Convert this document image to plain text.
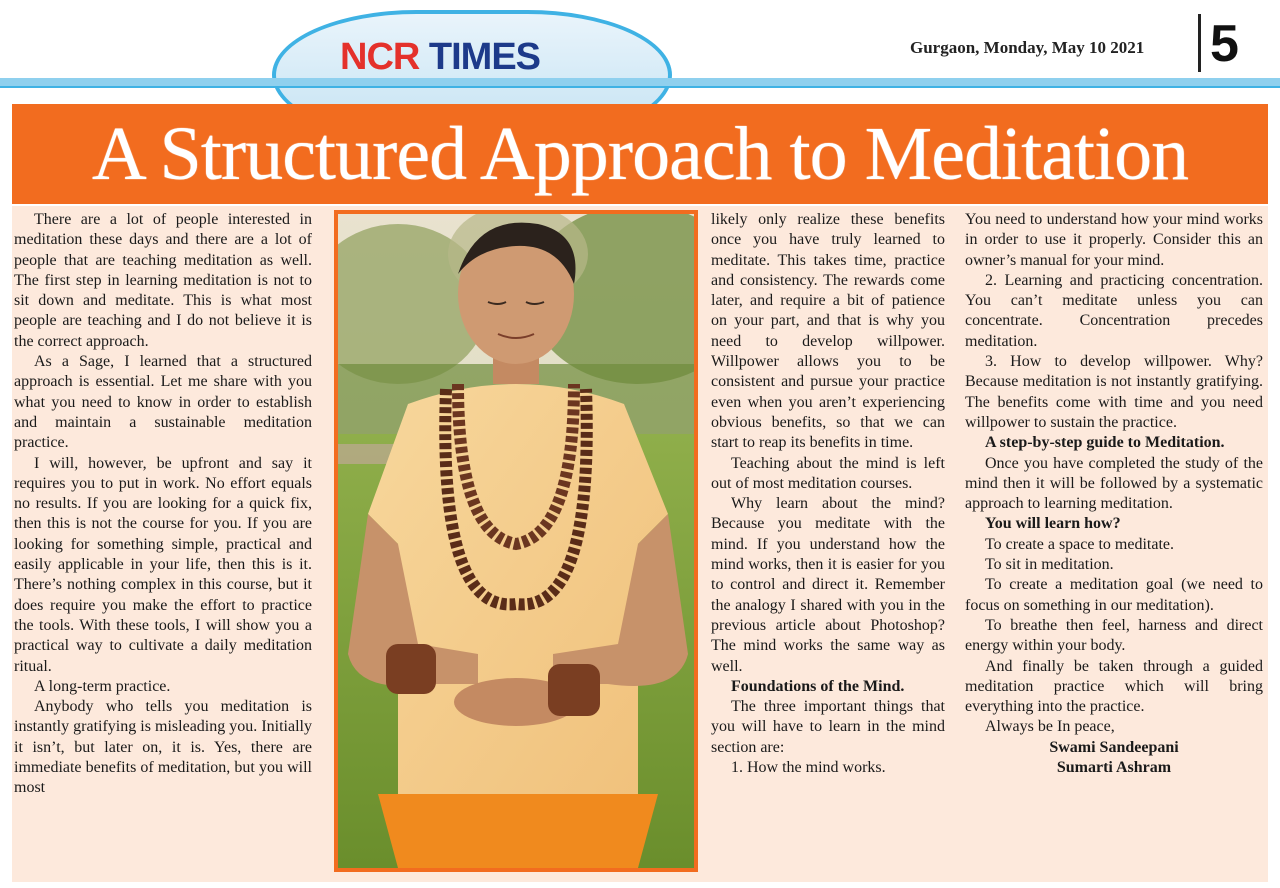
NCR TIMES	Gurgaon, Monday, May 10 2021	5
A Structured Approach to Meditation

There are a lot of people interested in meditation these days and there are a lot of people that are teaching meditation as well. The first step in learning meditation is not to sit down and meditate. This is what most people are teaching and I do not believe it is the correct approach.

As a Sage, I learned that a structured approach is essential. Let me share with you what you need to know in order to establish and maintain a sustainable meditation practice.

I will, however, be upfront and say it requires you to put in work. No effort equals no results. If you are looking for a quick fix, then this is not the course for you. If you are looking for something simple, practical and easily applicable in your life, then this is it. There’s nothing complex in this course, but it does require you make the effort to practice the tools. With these tools, I will show you a practical way to cultivate a daily meditation ritual.

A long-term practice.

Anybody who tells you meditation is instantly gratifying is misleading you. Initially it isn’t, but later on, it is. Yes, there are immediate benefits of meditation, but you will most

likely only realize these benefits once you have truly learned to meditate. This takes time, practice and consistency. The rewards come later, and require a bit of patience on your part, and that is why you need to develop willpower. Willpower allows you to be consistent and pursue your practice even when you aren’t experiencing obvious benefits, so that we can start to reap its benefits in time.

Teaching about the mind is left out of most meditation courses.

Why learn about the mind? Because you meditate with the mind. If you understand how the mind works, then it is easier for you to control and direct it. Remember the analogy I shared with you in the previous article about Photoshop? The mind works the same way as well.

Foundations of the Mind.

The three important things that you will have to learn in the mind section are:

1. How the mind works.

You need to understand how your mind works in order to use it properly. Consider this an owner’s manual for your mind.

2. Learning and practicing concentration. You can’t meditate unless you can concentrate. Concentration precedes meditation.

3. How to develop willpower. Why? Because meditation is not instantly gratifying. The benefits come with time and you need willpower to sustain the practice.

A step-by-step guide to Meditation.

Once you have completed the study of the mind then it will be followed by a systematic approach to learning meditation.

You will learn how?

To create a space to meditate.

To sit in meditation.

To create a meditation goal (we need to focus on something in our meditation).

To breathe then feel, harness and direct energy within your body.

And finally be taken through a guided meditation practice which will bring everything into the practice.

Always be In peace,

Swami Sandeepani

Sumarti Ashram
